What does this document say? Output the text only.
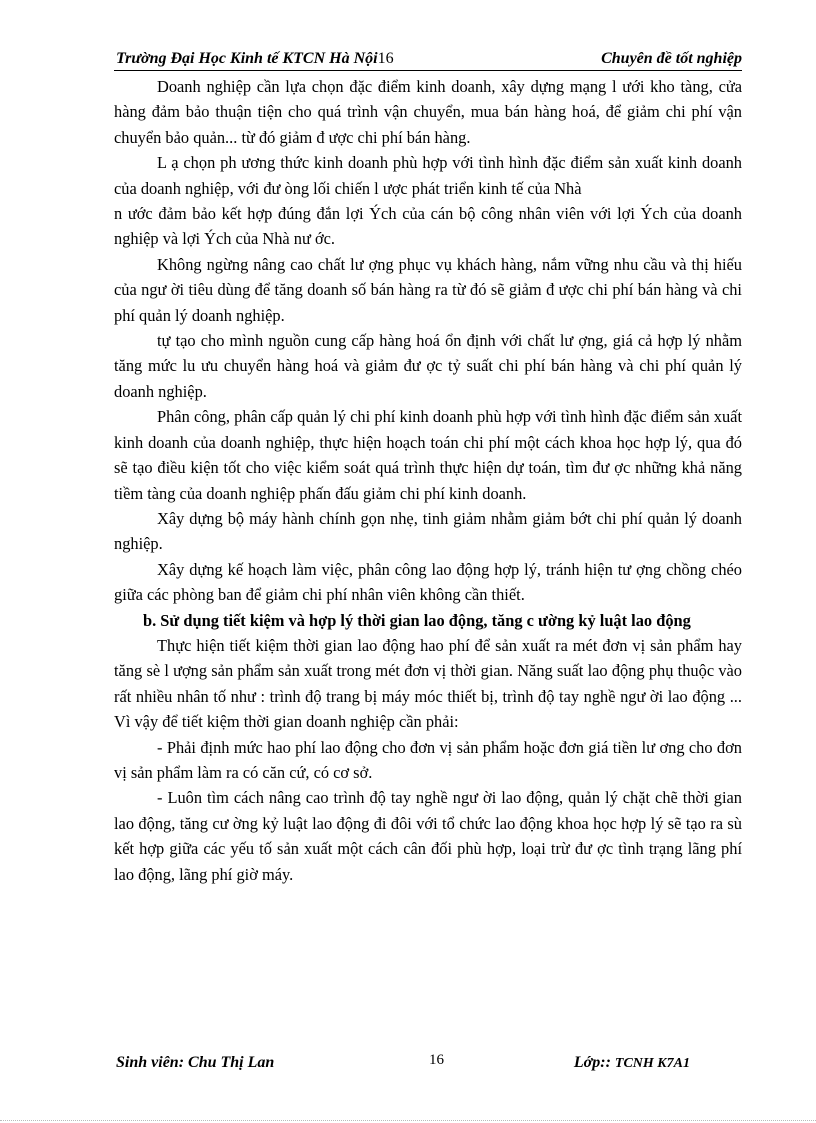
Trường Đại Học Kinh tế KTCN Hà Nội16	Chuyên đề tốt nghiệp

Doanh nghiệp cần lựa chọn đặc điểm kinh doanh, xây dựng mạng l ưới kho tàng, cửa hàng đảm bảo thuận tiện cho quá trình vận chuyển, mua bán hàng hoá, để giảm chi phí vận chuyển bảo quản... từ đó giảm đ ược chi phí bán hàng.

L ạ chọn ph ương thức kinh doanh phù hợp với tình hình đặc điểm sản xuất kinh doanh của doanh nghiệp, với đư òng lối chiến l ược phát triển kinh tế của Nhà

n ước đảm bảo kết hợp đúng đắn lợi Ých của cán bộ công nhân viên với lợi Ých của doanh nghiệp và lợi Ých của Nhà nư ớc.

Không ngừng nâng cao chất lư ợng phục vụ khách hàng, nắm vững nhu cầu và thị hiếu của ngư ời tiêu dùng để tăng doanh số bán hàng ra từ đó sẽ giảm đ ược chi phí bán hàng và chi phí quản lý doanh nghiệp.

tự tạo cho mình nguồn cung cấp hàng hoá ổn định với chất lư ợng, giá cả hợp lý nhằm tăng mức lu ưu chuyển hàng hoá và giảm đư ợc tỷ suất chi phí bán hàng và chi phí quản lý doanh nghiệp.

Phân công, phân cấp quản lý chi phí kinh doanh phù hợp với tình hình đặc điểm sản xuất kinh doanh của doanh nghiệp, thực hiện hoạch toán chi phí một cách khoa học hợp lý, qua đó sẽ tạo điều kiện tốt cho việc kiểm soát quá trình thực hiện dự toán, tìm đư ợc những khả năng tiềm tàng của doanh nghiệp phấn đấu giảm chi phí kinh doanh.

Xây dựng bộ máy hành chính gọn nhẹ, tinh giảm nhằm giảm bớt chi phí quản lý doanh nghiệp.

Xây dựng kế hoạch làm việc, phân công lao động hợp lý, tránh hiện tư ợng chồng chéo giữa các phòng ban để giảm chi phí nhân viên không cần thiết.

b. Sử dụng tiết kiệm và hợp lý thời gian lao động, tăng c ường kỷ luật lao động

Thực hiện tiết kiệm thời gian lao động hao phí để sản xuất ra mét đơn vị sản phẩm hay tăng sè l ượng sản phẩm sản xuất trong mét đơn vị thời gian. Năng suất lao động phụ thuộc vào rất nhiều nhân tố như : trình độ trang bị máy móc thiết bị, trình độ tay nghề ngư ời lao động ... Vì vậy để tiết kiệm thời gian doanh nghiệp cần phải:

- Phải định mức hao phí lao động cho đơn vị sản phẩm hoặc đơn giá tiền lư ơng cho đơn vị sản phẩm làm ra có căn cứ, có cơ sở.

- Luôn tìm cách nâng cao trình độ tay nghề ngư ời lao động, quản lý chặt chẽ thời gian lao động, tăng cư ờng kỷ luật lao động đi đôi với tổ chức lao động khoa học hợp lý sẽ tạo ra sù kết hợp giữa các yếu tố sản xuất một cách cân đối phù hợp, loại trừ đư ợc tình trạng lãng phí lao động, lãng phí giờ máy.

Sinh viên: Chu Thị Lan	16	Lớp:: TCNH K7A1
